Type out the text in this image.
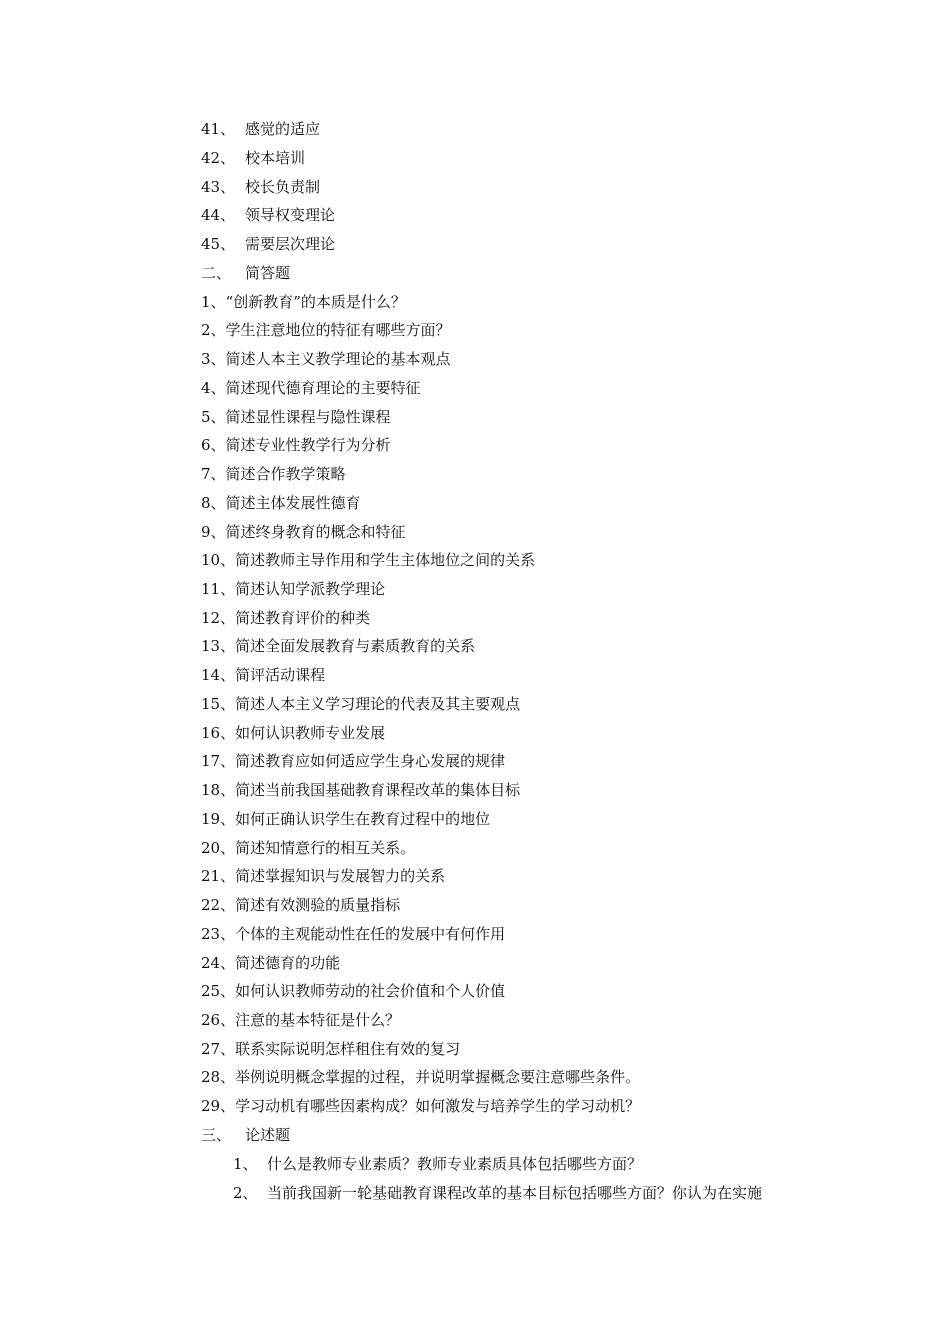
41、 感觉的适应
42、 校本培训
43、 校长负责制
44、 领导权变理论
45、 需要层次理论
二、 简答题
1、“创新教育”的本质是什么？
2、学生注意地位的特征有哪些方面？
3、简述人本主义教学理论的基本观点
4、简述现代德育理论的主要特征
5、简述显性课程与隐性课程
6、简述专业性教学行为分析
7、简述合作教学策略
8、简述主体发展性德育
9、简述终身教育的概念和特征
10、简述教师主导作用和学生主体地位之间的关系
11、简述认知学派教学理论
12、简述教育评价的种类
13、简述全面发展教育与素质教育的关系
14、简评活动课程
15、简述人本主义学习理论的代表及其主要观点
16、如何认识教师专业发展
17、简述教育应如何适应学生身心发展的规律
18、简述当前我国基础教育课程改革的集体目标
19、如何正确认识学生在教育过程中的地位
20、简述知情意行的相互关系。
21、简述掌握知识与发展智力的关系
22、简述有效测验的质量指标
23、个体的主观能动性在任的发展中有何作用
24、简述德育的功能
25、如何认识教师劳动的社会价值和个人价值
26、注意的基本特征是什么？
27、联系实际说明怎样租住有效的复习
28、举例说明概念掌握的过程，并说明掌握概念要注意哪些条件。
29、学习动机有哪些因素构成？如何激发与培养学生的学习动机？
三、 论述题
1、 什么是教师专业素质？教师专业素质具体包括哪些方面？
2、 当前我国新一轮基础教育课程改革的基本目标包括哪些方面？你认为在实施
